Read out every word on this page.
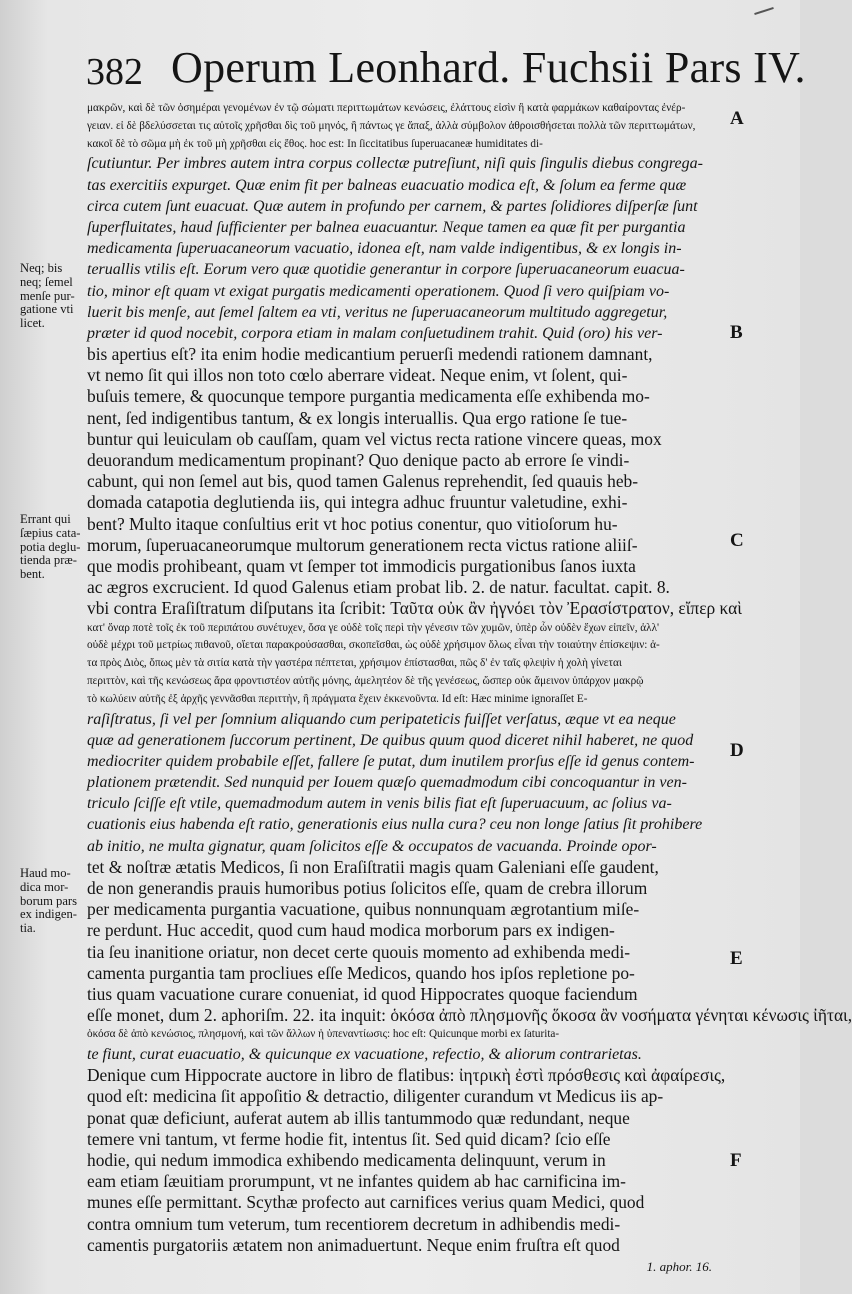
382 Operum Leonhard. Fuchsii Pars IV.
μακρῶν, καὶ δὲ τῶν ὁσημέραι γενομένων ἐν τῷ σώματι περιττωμάτων κενώσεις, ἐλάττους εἰσὶν ἢ κατὰ φαρμάκων καθαίροντας ἐνέρ-
γειαν. εἰ δὲ βδελύσσεται τις αὐτοῖς χρῆσθαι δὶς τοῦ μηνός, ἢ πάντως γε ἅπαξ, ἀλλὰ σύμβολον ἀθροισθήσεται πολλὰ τῶν περιττωμάτων,
κακοῖ δὲ τὸ σῶμα μὴ ἐκ τοῦ μὴ χρῆσθαι εἰς ἔθος. hoc est: In ſiccitatibus ſuperuacaneæ humiditates di-
ſcutiuntur. Per imbres autem intra corpus collectæ putreſiunt, niſi quis ſingulis diebus congrega-
tas exercitiis expurget. Quæ enim fit per balneas euacuatio modica eſt, & ſolum ea ferme quæ
circa cutem ſunt euacuat. Quæ autem in profundo per carnem, & partes ſolidiores diſperſæ ſunt
ſuperfluitates, haud ſufficienter per balnea euacuantur. Neque tamen ea quæ fit per purgantia
medicamenta ſuperuacaneorum vacuatio, idonea eſt, nam valde indigentibus, & ex longis in-
teruallis vtilis eſt. Eorum vero quæ quotidie generantur in corpore ſuperuacaneorum euacua-
tio, minor eſt quam vt exigat purgatis medicamenti operationem. Quod ſi vero quiſpiam vo-
luerit bis menſe, aut ſemel ſaltem ea vti, veritus ne ſuperuacaneorum multitudo aggregetur,
præter id quod nocebit, corpora etiam in malam conſuetudinem trahit. Quid (oro) his ver-
bis apertius eſt? ita enim hodie medicantium peruerſi medendi rationem damnant,
vt nemo ſit qui illos non toto cœlo aberrare videat. Neque enim, vt ſolent, qui-
buſuis temere, & quocunque tempore purgantia medicamenta eſſe exhibenda mo-
nent, ſed indigentibus tantum, & ex longis interuallis. Qua ergo ratione ſe tue-
buntur qui leuiculam ob cauſſam, quam vel victus recta ratione vincere queas, mox
deuorandum medicamentum propinant? Quo denique pacto ab errore ſe vindi-
cabunt, qui non ſemel aut bis, quod tamen Galenus reprehendit, ſed quauis heb-
domada catapotia deglutienda iis, qui integra adhuc fruuntur valetudine, exhi-
bent? Multo itaque conſultius erit vt hoc potius conentur, quo vitioſorum hu-
morum, ſuperuacaneorumque multorum generationem recta victus ratione aliiſ-
que modis prohibeant, quam vt ſemper tot immodicis purgationibus ſanos iuxta
ac ægros excrucient. Id quod Galenus etiam probat lib. 2. de natur. facultat. capit. 8.
vbi contra Eraſiſtratum diſputans ita ſcribit: Ταῦτα οὐκ ἂν ἠγνόει τὸν Ἐρασίστρατον, εἴπερ καὶ
κατ' ὄναρ ποτὲ τοῖς ἐκ τοῦ περιπάτου συνέτυχεν, ὅσα γε οὐδὲ τοῖς περὶ τὴν γένεσιν τῶν χυμῶν, ὑπὲρ ὧν οὐδὲν ἔχων εἰπεῖν, ἀλλ'
οὐδὲ μέχρι τοῦ μετρίως πιθανοῦ, οἴεται παρακρούσασθαι, σκοπεῖσθαι, ὡς οὐδὲ χρήσιμον ὅλως εἶναι τὴν τοιαύτην ἐπίσκεψιν: ἀ-
τα πρὸς Διὸς, ὅπως μὲν τὰ σιτία κατὰ τὴν γαστέρα πέπτεται, χρήσιμον ἐπίστασθαι, πῶς δ' ἐν ταῖς φλεψὶν ἡ χολὴ γίνεται
περιττὸν, καὶ τῆς κενώσεως ἄρα φροντιστέον αὐτῆς μόνης, ἀμελητέον δὲ τῆς γενέσεως, ὥσπερ οὐκ ἄμεινον ὑπάρχον μακρῷ
τὸ κωλύειν αὐτῆς ἐξ ἀρχῆς γεννᾶσθαι περιττὴν, ἢ πράγματα ἔχειν ἐκκενοῦντα. Id eſt: Hæc minime ignoraſſet E-
raſiſtratus, ſi vel per ſomnium aliquando cum peripateticis fuiſſet verſatus, æque vt ea neque
quæ ad generationem ſuccorum pertinent, De quibus quum quod diceret nihil haberet, ne quod
mediocriter quidem probabile eſſet, fallere ſe putat, dum inutilem prorſus eſſe id genus contem-
plationem prætendit. Sed nunquid per Iouem quæſo quemadmodum cibi concoquantur in ven-
triculo ſciſſe eſt vtile, quemadmodum autem in venis bilis fiat eſt ſuperuacuum, ac ſolius va-
cuationis eius habenda eſt ratio, generationis eius nulla cura? ceu non longe ſatius ſit prohibere
ab initio, ne multa gignatur, quam ſolicitos eſſe & occupatos de vacuanda. Proinde opor-
tet & noſtræ ætatis Medicos, ſi non Eraſiſtratii magis quam Galeniani eſſe gaudent,
de non generandis prauis humoribus potius ſolicitos eſſe, quam de crebra illorum
per medicamenta purgantia vacuatione, quibus nonnunquam ægrotantium miſe-
re perdunt. Huc accedit, quod cum haud modica morborum pars ex indigen-
tia ſeu inanitione oriatur, non decet certe quouis momento ad exhibenda medi-
camenta purgantia tam procliues eſſe Medicos, quando hos ipſos repletione po-
tius quam vacuatione curare conueniat, id quod Hippocrates quoque faciendum
eſſe monet, dum 2. aphoriſm. 22. ita inquit: ὁκόσα ἀπὸ πλησμονῆς ὅκοσα ἂν νοσήματα γένηται κένωσις ἰῆται,
ὁκόσα δὲ ἀπὸ κενώσιος, πλησμονή, καὶ τῶν ἄλλων ἡ ὑπεναντίωσις: hoc eſt: Quicunque morbi ex ſaturita-
te fiunt, curat euacuatio, & quicunque ex vacuatione, refectio, & aliorum contrarietas.
Denique cum Hippocrate auctore in libro de flatibus: ἰητρικὴ ἐστὶ πρόσθεσις καὶ ἀφαίρεσις,
quod eſt: medicina ſit appoſitio & detractio, diligenter curandum vt Medicus iis ap-
ponat quæ deficiunt, auferat autem ab illis tantummodo quæ redundant, neque
temere vni tantum, vt ferme hodie fit, intentus ſit. Sed quid dicam? ſcio eſſe
hodie, qui nedum immodica exhibendo medicamenta delinquunt, verum in
eam etiam ſæuitiam prorumpunt, vt ne infantes quidem ab hac carnificina im-
munes eſſe permittant. Scythæ profecto aut carnifices verius quam Medici, quod
contra omnium tum veterum, tum recentiorem decretum in adhibendis medi-
camentis purgatoriis ætatem non animaduertunt. Neque enim fruſtra eſt quod
1. aphor. 16.
Neq; bis
neq; ſemel
menſe pur-
gatione vti
licet.
Errant qui
ſæpius cata-
potia deglu-
tienda præ-
bent.
Haud mo-
dica mor-
borum pars
ex indigen-
tia.
A
B
C
D
E
F
